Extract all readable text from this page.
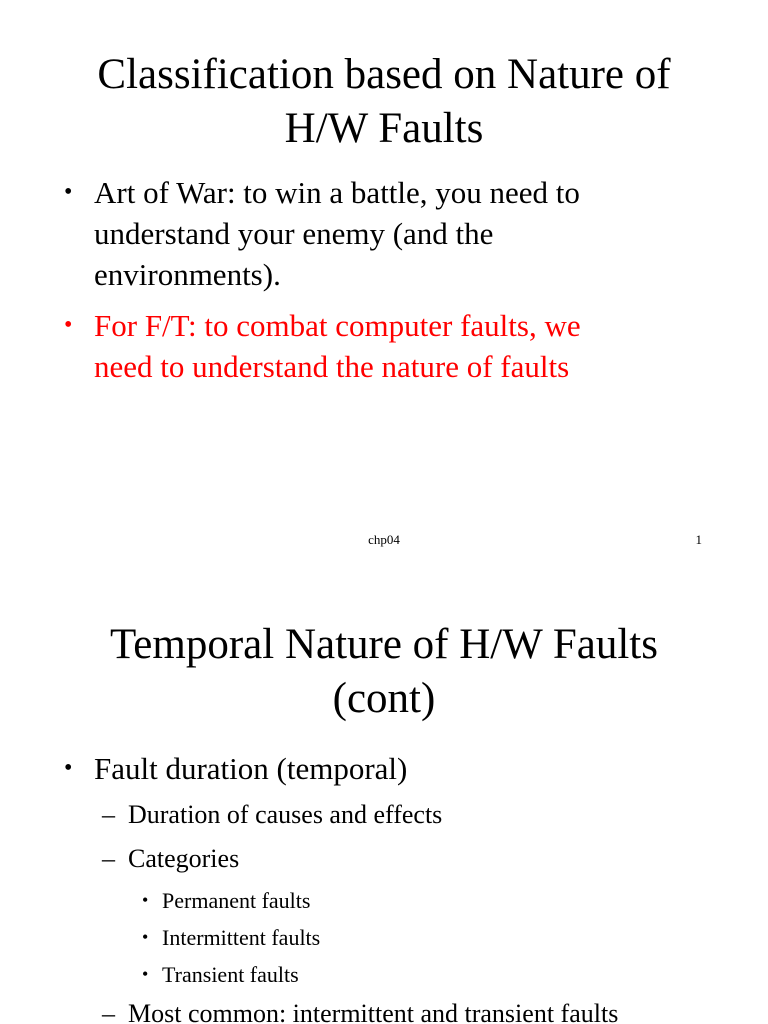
Classification based on Nature of
H/W Faults
• Art of War: to win a battle, you need to
understand your enemy (and the
environments).
• For F/T: to combat computer faults, we
need to understand the nature of faults
chp04	1
Temporal Nature of H/W Faults
(cont)
• Fault duration (temporal)
– Duration of causes and effects
– Categories
• Permanent faults
• Intermittent faults
• Transient faults
– Most common: intermittent and transient faults
